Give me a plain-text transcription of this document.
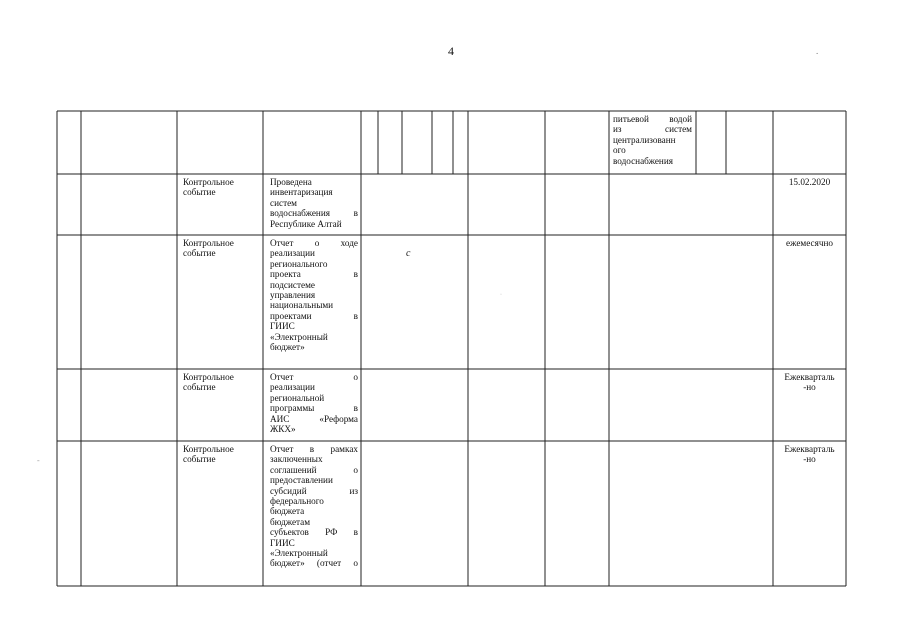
4	.
с
·
-
питьевой водой
из систем
централизованн
ого
водоснабжения
Контрольное
событие
Проведена
инвентаризация
систем
водоснабжения в
Республике Алтай
15.02.2020
Контрольное
событие
Отчет о ходе
реализации
регионального
проекта в
подсистеме
управления
национальными
проектами в
ГИИС
«Электронный
бюджет»
ежемесячно
Контрольное
событие
Отчет о
реализации
региональной
программы в
АИС «Реформа
ЖКХ»
Ежекварталь
-но
Контрольное
событие
Отчет в рамках
заключенных
соглашений о
предоставлении
субсидий из
федерального
бюджета
бюджетам
субъектов РФ в
ГИИС
«Электронный
бюджет» (отчет о
Ежекварталь
-но
